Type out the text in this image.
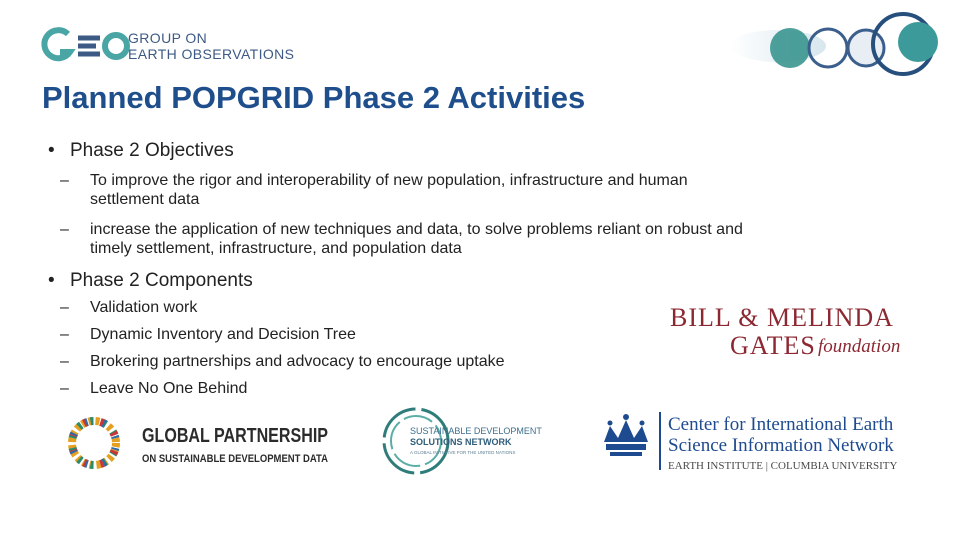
GROUP ON
EARTH OBSERVATIONS
Planned POPGRID Phase 2 Activities
• Phase 2 Objectives
– To improve the rigor and interoperability of new population, infrastructure and human settlement data
– increase the application of new techniques and data, to solve problems reliant on robust and timely settlement, infrastructure, and population data
• Phase 2 Components
– Validation work
– Dynamic Inventory and Decision Tree
– Brokering partnerships and advocacy to encourage uptake
– Leave No One Behind
BILL & MELINDA
GATES foundation
GLOBAL PARTNERSHIP
ON SUSTAINABLE DEVELOPMENT DATA
SUSTAINABLE DEVELOPMENT
SOLUTIONS NETWORK
A GLOBAL INITIATIVE FOR THE UNITED NATIONS
Center for International Earth
Science Information Network
EARTH INSTITUTE | COLUMBIA UNIVERSITY
